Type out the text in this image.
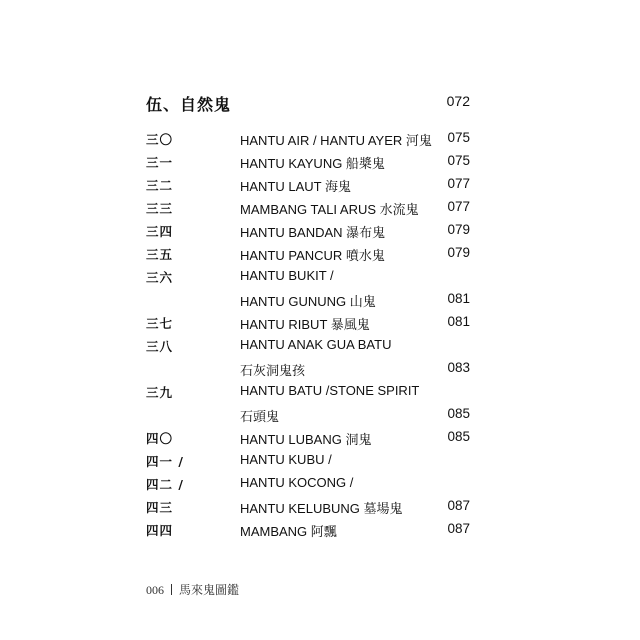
伍、自然鬼	072
三〇	HANTU AIR / HANTU AYER 河鬼 075
三一	HANTU KAYUNG 船槳鬼	075
三二	HANTU LAUT 海鬼	077
三三	MAMBANG TALI ARUS 水流鬼 077
三四	HANTU BANDAN 瀑布鬼	079
三五	HANTU PANCUR 噴水鬼	079
三六	HANTU BUKIT /
HANTU GUNUNG 山鬼	081
三七	HANTU RIBUT 暴風鬼	081
三八	HANTU ANAK GUA BATU
石灰洞鬼孩	083
三九	HANTU BATU /STONE SPIRIT
石頭鬼	085
四〇	HANTU LUBANG 洞鬼	085
四一 /	HANTU KUBU /
四二 /	HANTU KOCONG /
四三	HANTU KELUBUNG 墓場鬼	087
四四	MAMBANG 阿飄	087
006 馬來鬼圖鑑
